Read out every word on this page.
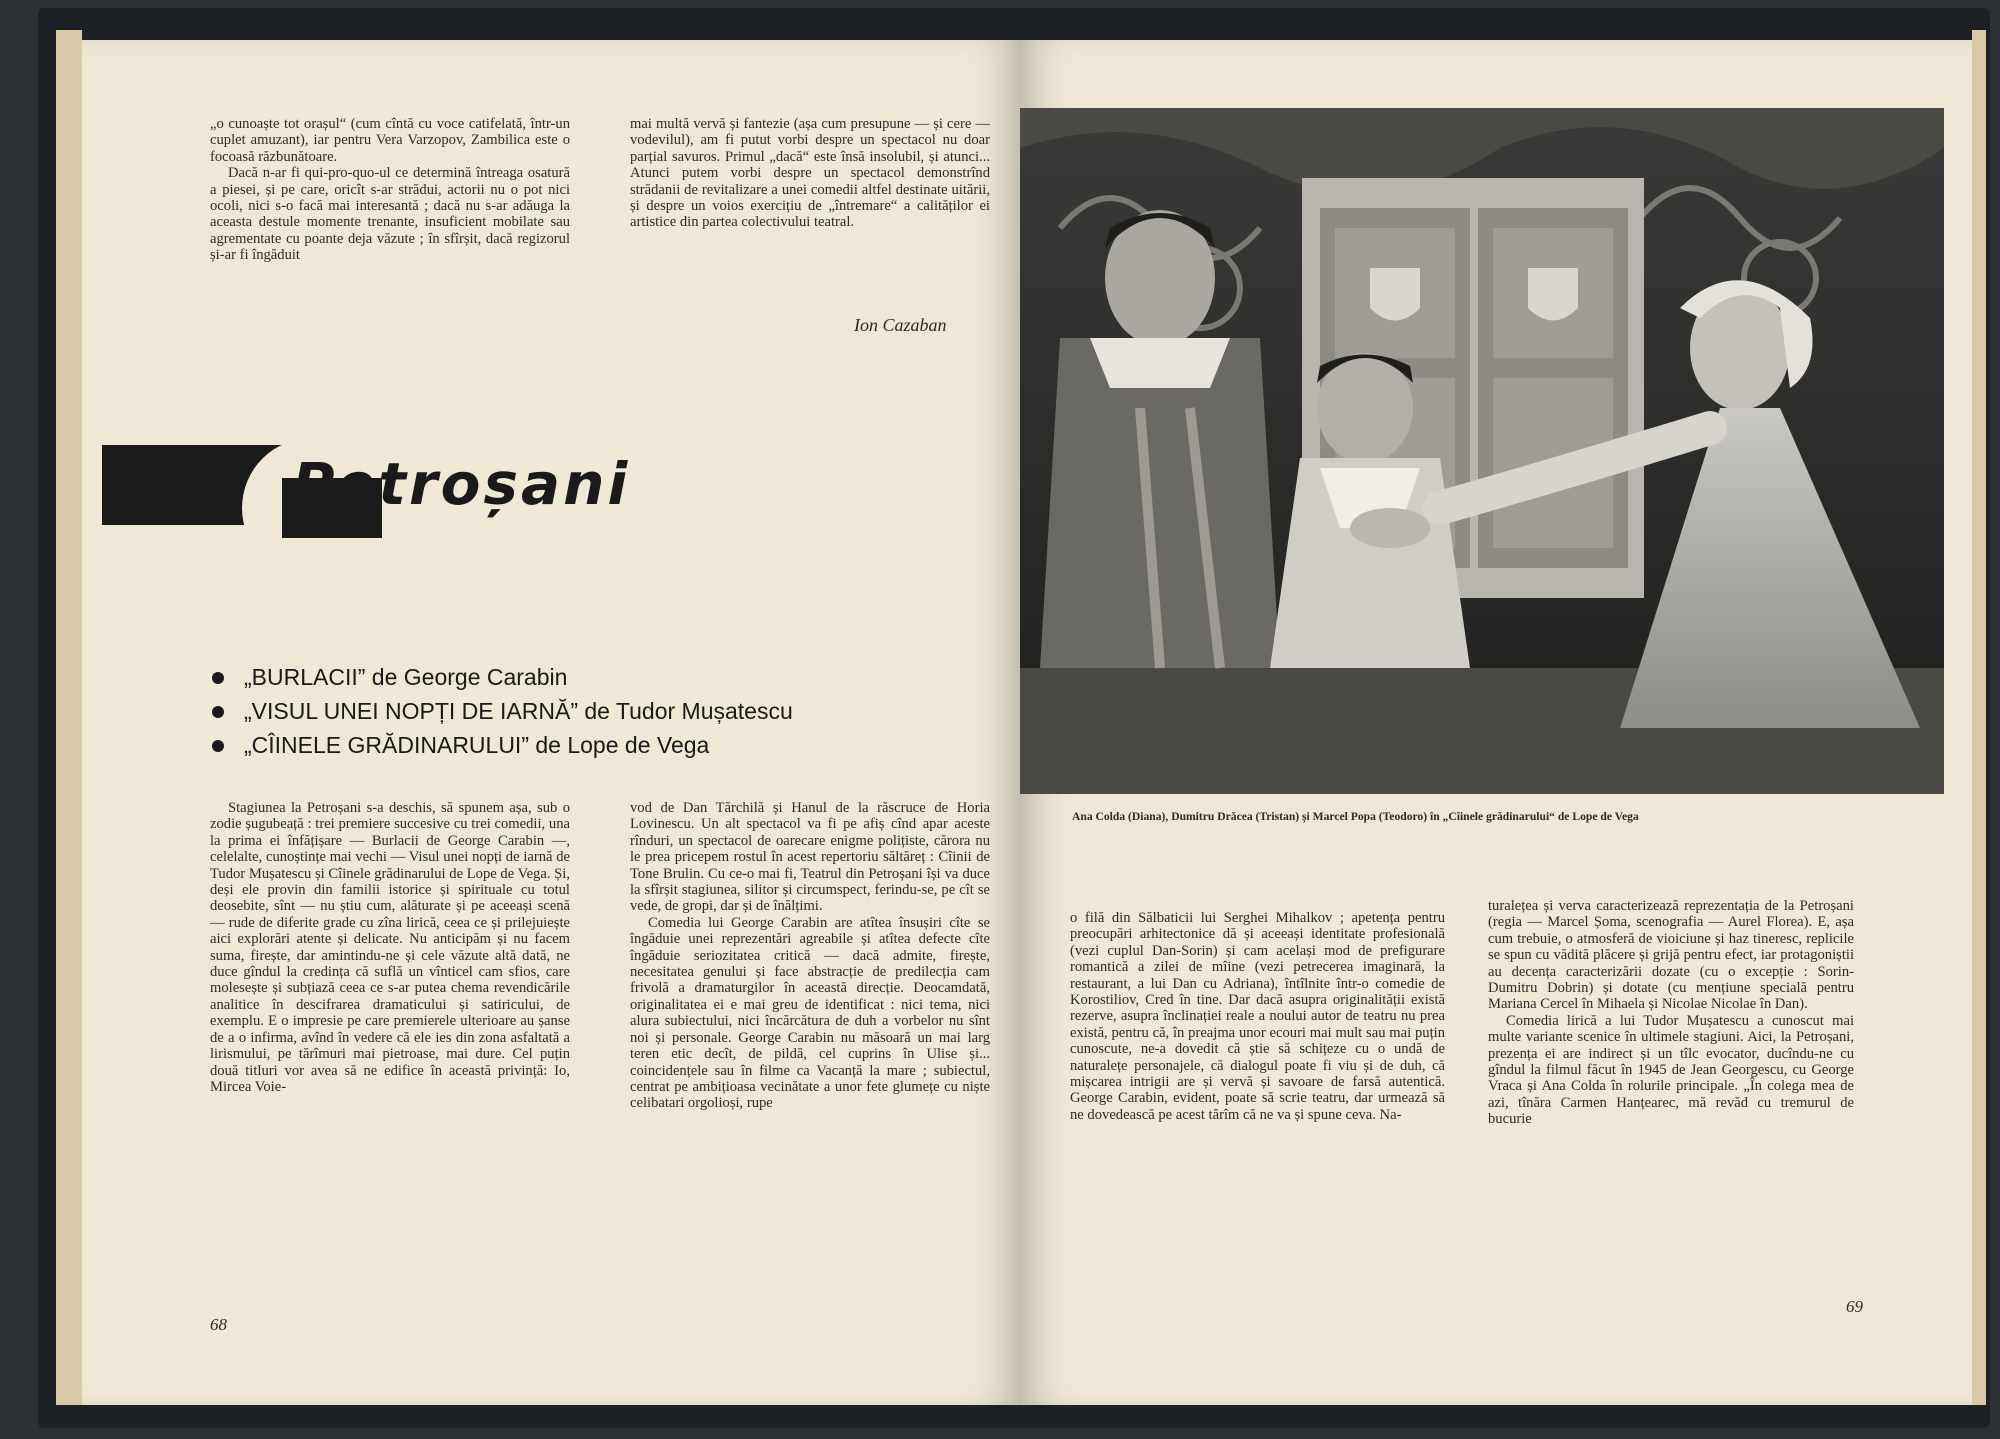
„o cunoaște tot orașul“ (cum cîntă cu voce catifelată, într-un cuplet amuzant), iar pentru Vera Varzopov, Zambilica este o focoasă răzbunătoare.

Dacă n-ar fi qui-pro-quo-ul ce determină întreaga osatură a piesei, și pe care, oricît s-ar strădui, actorii nu o pot nici ocoli, nici s-o facă mai interesantă ; dacă nu s-ar adăuga la aceasta destule momente trenante, insuficient mobilate sau agrementate cu poante deja văzute ; în sfîrșit, dacă regizorul și-ar fi îngăduit

mai multă vervă și fantezie (așa cum presupune — și cere — vodevilul), am fi putut vorbi despre un spectacol nu doar parțial savuros. Primul „dacă“ este însă insolubil, și atunci... Atunci putem vorbi despre un spectacol demonstrînd strădanii de revitalizare a unei comedii altfel destinate uitării, și despre un voios exercițiu de „întremare“ a calităților ei artistice din partea colectivului teatral.

Ion Cazaban
Petroșani
„BURLACII” de George Carabin
„VISUL UNEI NOPȚI DE IARNĂ” de Tudor Mușatescu
„CÎINELE GRĂDINARULUI” de Lope de Vega

Stagiunea la Petroșani s-a deschis, să spunem așa, sub o zodie șugubeață : trei premiere succesive cu trei comedii, una la prima ei înfățișare — Burlacii de George Carabin —, celelalte, cunoștințe mai vechi — Visul unei nopți de iarnă de Tudor Mușatescu și Cîinele grădinarului de Lope de Vega. Și, deși ele provin din familii istorice și spirituale cu totul deosebite, sînt — nu știu cum, alăturate și pe aceeași scenă — rude de diferite grade cu zîna lirică, ceea ce și prilejuiește aici explorări atente și delicate. Nu anticipăm și nu facem suma, firește, dar amintindu-ne și cele văzute altă dată, ne duce gîndul la credința că suflă un vînticel cam sfios, care molesește și subțiază ceea ce s-ar putea chema revendicările analitice în descifrarea dramaticului și satiricului, de exemplu. E o impresie pe care premierele ulterioare au șanse de a o infirma, avînd în vedere că ele ies din zona asfaltată a lirismului, pe tărîmuri mai pietroase, mai dure. Cel puțin două titluri vor avea să ne edifice în această privință: Io, Mircea Voie-

vod de Dan Tărchilă și Hanul de la răscruce de Horia Lovinescu. Un alt spectacol va fi pe afiș cînd apar aceste rînduri, un spectacol de oarecare enigme polițiste, cărora nu le prea pricepem rostul în acest repertoriu săltăreț : Cîinii de Tone Brulin. Cu ce-o mai fi, Teatrul din Petroșani își va duce la sfîrșit stagiunea, silitor și circumspect, ferindu-se, pe cît se vede, de gropi, dar și de înălțimi.

Comedia lui George Carabin are atîtea însușiri cîte se îngăduie unei reprezentări agreabile și atîtea defecte cîte îngăduie seriozitatea critică — dacă admite, firește, necesitatea genului și face abstracție de predilecția cam frivolă a dramaturgilor în această direcție. Deocamdată, originalitatea ei e mai greu de identificat : nici tema, nici alura subiectului, nici încărcătura de duh a vorbelor nu sînt noi și personale. George Carabin nu măsoară un mai larg teren etic decît, de pildă, cel cuprins în Ulise și... coincidențele sau în filme ca Vacanță la mare ; subiectul, centrat pe ambițioasa vecinătate a unor fete glumețe cu niște celibatari orgolioși, rupe

68
Ana Colda (Diana), Dumitru Drăcea (Tristan) și Marcel Popa (Teodoro) în „Cîinele grădinarului“ de Lope de Vega

o filă din Sălbaticii lui Serghei Mihalkov ; apetența pentru preocupări arhitectonice dă și aceeași identitate profesională (vezi cuplul Dan-Sorin) și cam același mod de prefigurare romantică a zilei de mîine (vezi petrecerea imaginară, la restaurant, a lui Dan cu Adriana), întîlnite într-o comedie de Korostiliov, Cred în tine. Dar dacă asupra originalității există rezerve, asupra înclinației reale a noului autor de teatru nu prea există, pentru că, în preajma unor ecouri mai mult sau mai puțin cunoscute, ne-a dovedit că știe să schițeze cu o undă de naturalețe personajele, că dialogul poate fi viu și de duh, că mișcarea intrigii are și vervă și savoare de farsă autentică. George Carabin, evident, poate să scrie teatru, dar urmează să ne dovedească pe acest tărîm că ne va și spune ceva. Na-

turalețea și verva caracterizează reprezentația de la Petroșani (regia — Marcel Șoma, scenografia — Aurel Florea). E, așa cum trebuie, o atmosferă de vioiciune și haz tineresc, replicile se spun cu vădită plăcere și grijă pentru efect, iar protagoniștii au decența caracterizării dozate (cu o excepție : Sorin-Dumitru Dobrin) și dotate (cu mențiune specială pentru Mariana Cercel în Mihaela și Nicolae Nicolae în Dan).

Comedia lirică a lui Tudor Mușatescu a cunoscut mai multe variante scenice în ultimele stagiuni. Aici, la Petroșani, prezența ei are indirect și un tîlc evocator, ducîndu-ne cu gîndul la filmul făcut în 1945 de Jean Georgescu, cu George Vraca și Ana Colda în rolurile principale. „În colega mea de azi, tînăra Carmen Hanțearec, mă revăd cu tremurul de bucurie

69
